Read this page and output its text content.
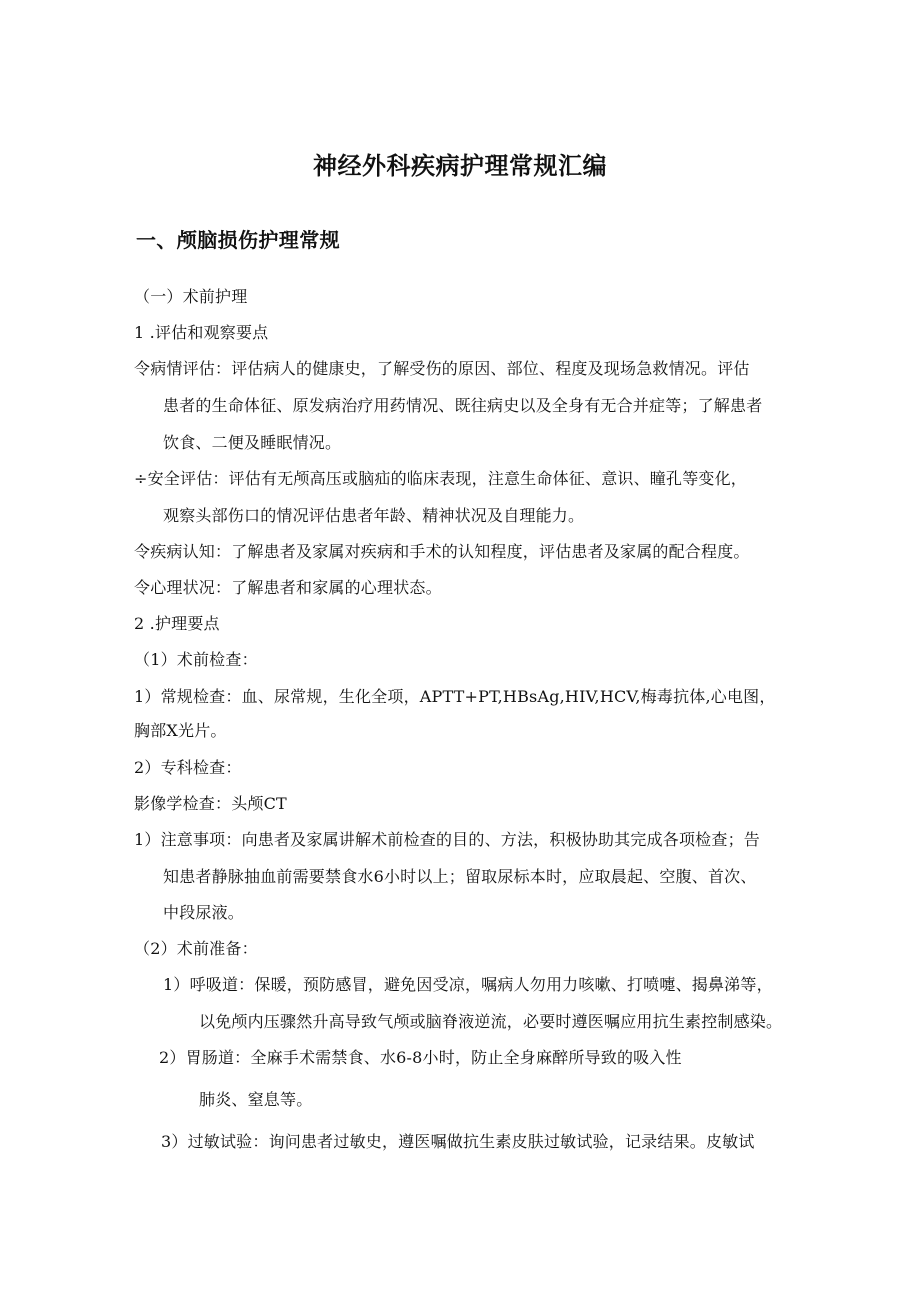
神经外科疾病护理常规汇编
一、颅脑损伤护理常规

（一）术前护理

1 .评估和观察要点

令病情评估：评估病人的健康史，了解受伤的原因、部位、程度及现场急救情况。评估

患者的生命体征、原发病治疗用药情况、既往病史以及全身有无合并症等；了解患者

饮食、二便及睡眠情况。

÷安全评估：评估有无颅高压或脑疝的临床表现，注意生命体征、意识、瞳孔等变化，

观察头部伤口的情况评估患者年龄、精神状况及自理能力。

令疾病认知：了解患者及家属对疾病和手术的认知程度，评估患者及家属的配合程度。

令心理状况：了解患者和家属的心理状态。

2 .护理要点

（1）术前检查：

1）常规检查：血、尿常规，生化全项，APTT+PT,HBsAg,HIV,HCV,梅毒抗体,心电图，

胸部X光片。

2）专科检查：

影像学检查：头颅CT

1）注意事项：向患者及家属讲解术前检查的目的、方法，积极协助其完成各项检查；告

知患者静脉抽血前需要禁食水6小时以上；留取尿标本时，应取晨起、空腹、首次、

中段尿液。

（2）术前准备：

1）呼吸道：保暖，预防感冒，避免因受凉，嘱病人勿用力咳嗽、打喷嚏、揭鼻涕等，

以免颅内压骤然升高导致气颅或脑脊液逆流，必要时遵医嘱应用抗生素控制感染。

2）胃肠道：全麻手术需禁食、水6-8小时，防止全身麻醉所导致的吸入性

肺炎、窒息等。

3）过敏试验：询问患者过敏史，遵医嘱做抗生素皮肤过敏试验，记录结果。皮敏试
